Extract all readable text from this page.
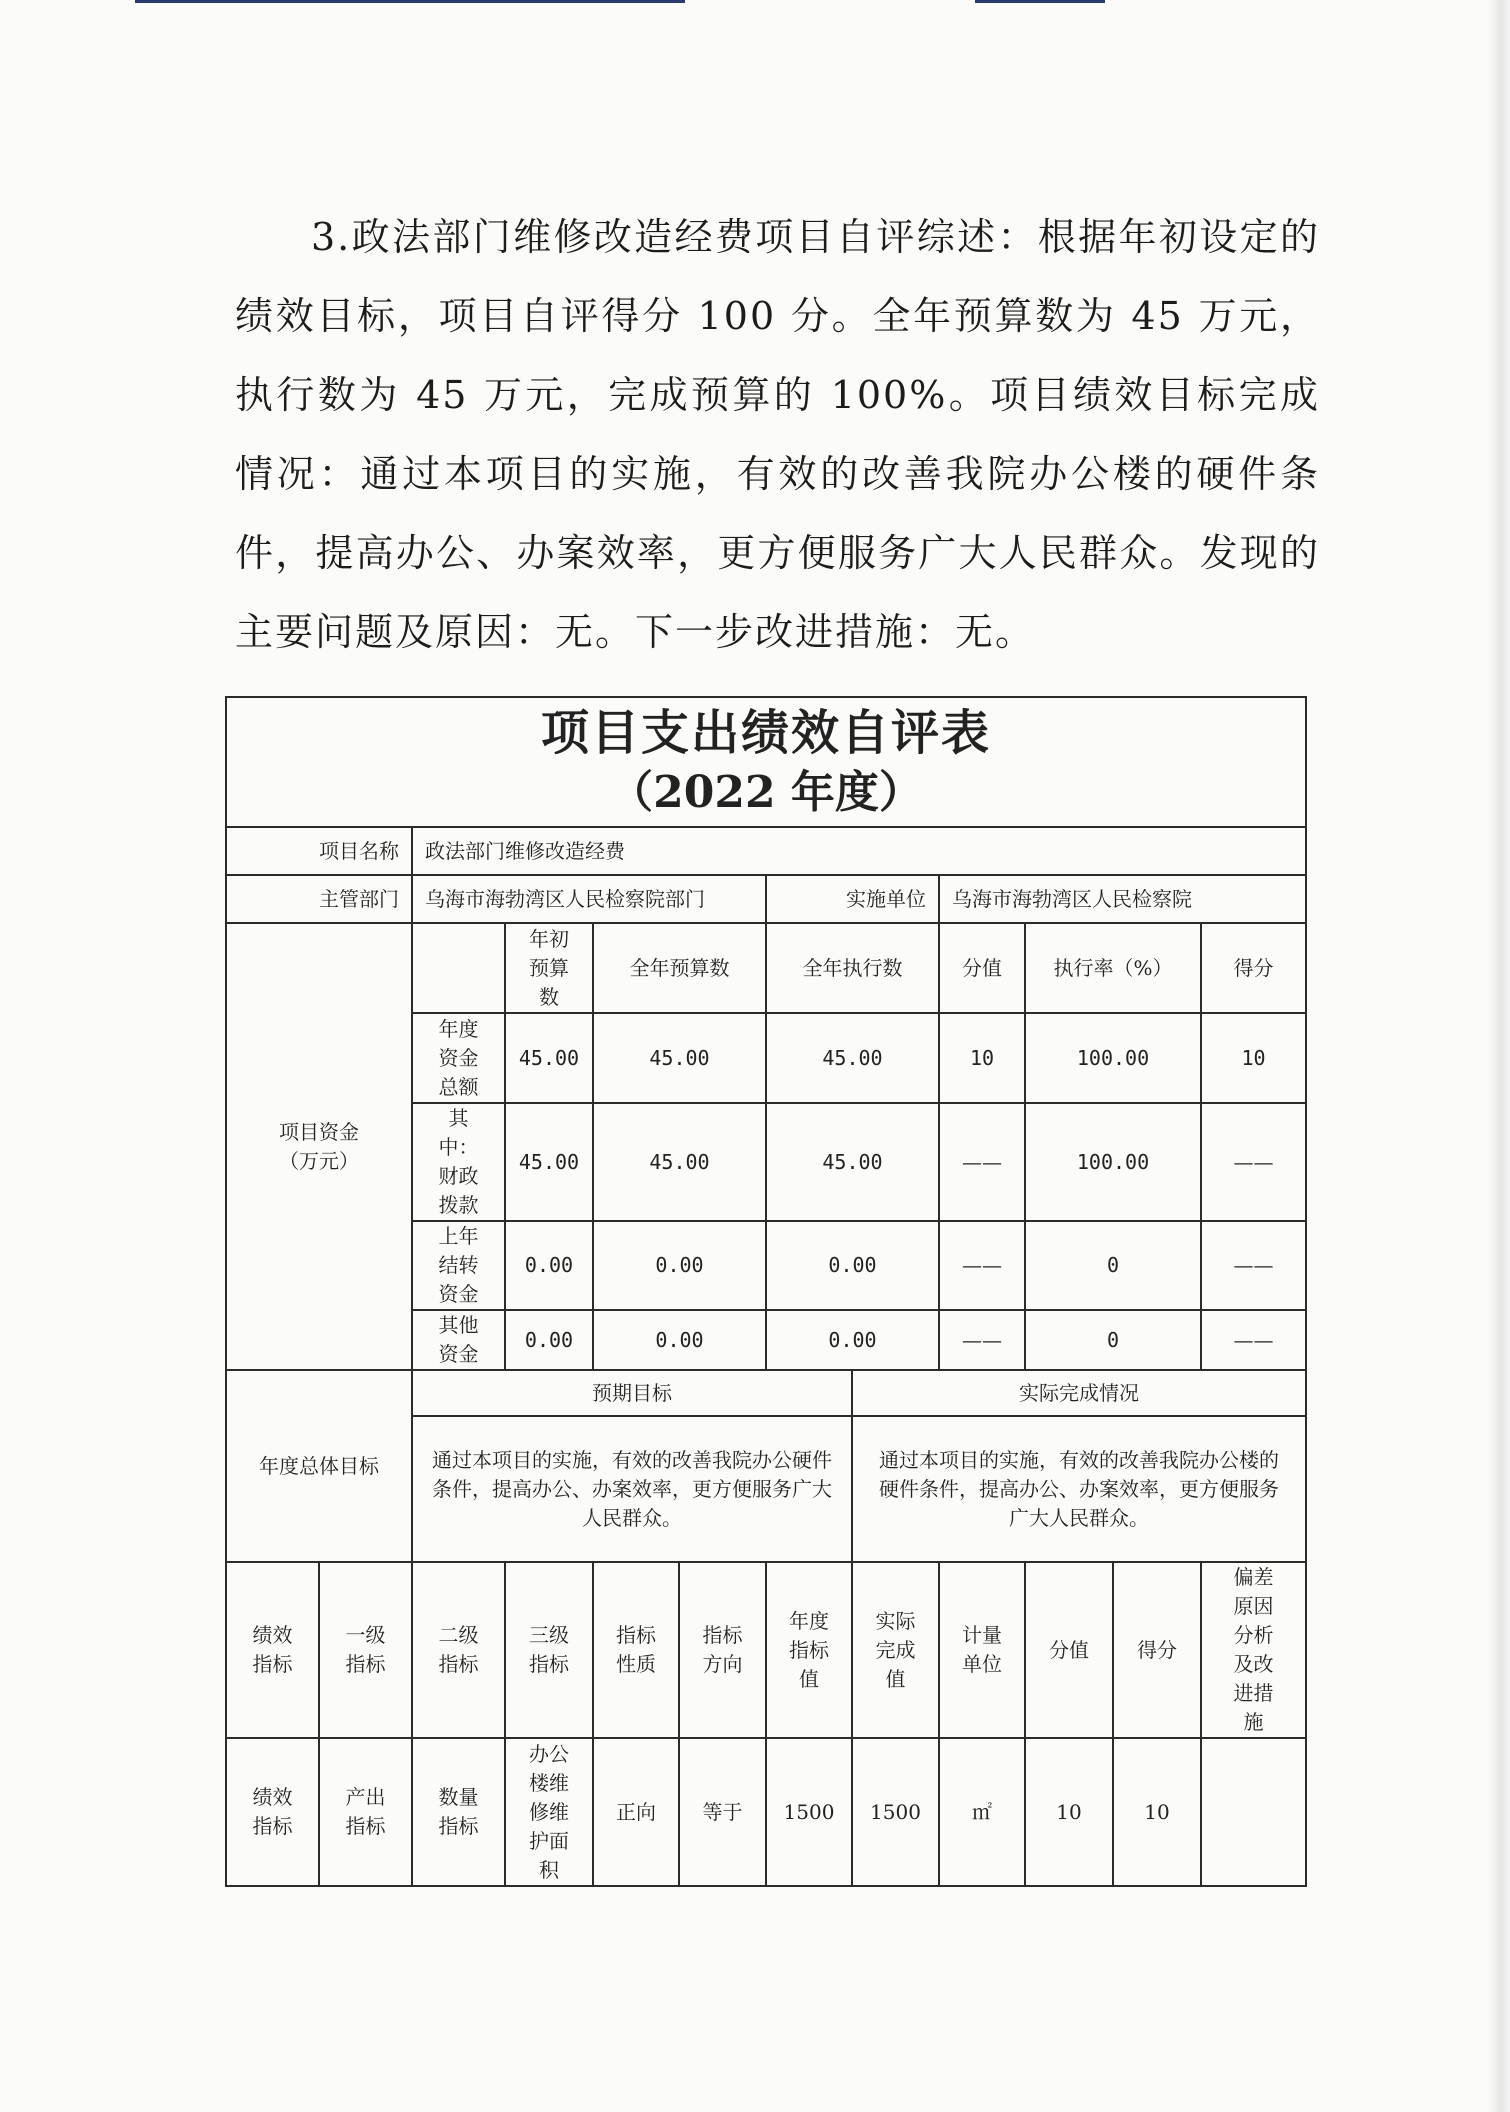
3.政法部门维修改造经费项目自评综述：根据年初设定的绩效目标，项目自评得分 100 分。全年预算数为 45 万元，执行数为 45 万元，完成预算的 100%。项目绩效目标完成情况：通过本项目的实施，有效的改善我院办公楼的硬件条件，提高办公、办案效率，更方便服务广大人民群众。发现的主要问题及原因：无。下一步改进措施：无。

项目支出绩效自评表
（2022 年度）											

项目名称		政法部门维修改造经费									
主管部门		乌海市海勃湾区人民检察院部门				实施单位		乌海市海勃湾区人民检察院			
项目资金（万元）			年初预算数	全年预算数		全年执行数		分值	执行率（%）		得分
		年度资金总额	45.00	45.00		45.00		10	100.00		10
		其中：财政拨款	45.00	45.00		45.00		——	100.00		——
		上年结转资金	0.00	0.00		0.00		——	0		——
		其他资金	0.00	0.00		0.00		——	0		——
年度总体目标		预期目标					实际完成情况				
		通过本项目的实施，有效的改善我院办公硬件条件，提高办公、办案效率，更方便服务广大人民群众。					通过本项目的实施，有效的改善我院办公楼的硬件条件，提高办公、办案效率，更方便服务广大人民群众。				
绩效指标	一级指标	二级指标	三级指标	指标性质	指标方向	年度指标值	实际完成值	计量单位	分值	得分	偏差原因分析及改进措施
绩效指标	产出指标	数量指标	办公楼维修维护面积	正向	等于	1500	1500	㎡	10	10	
